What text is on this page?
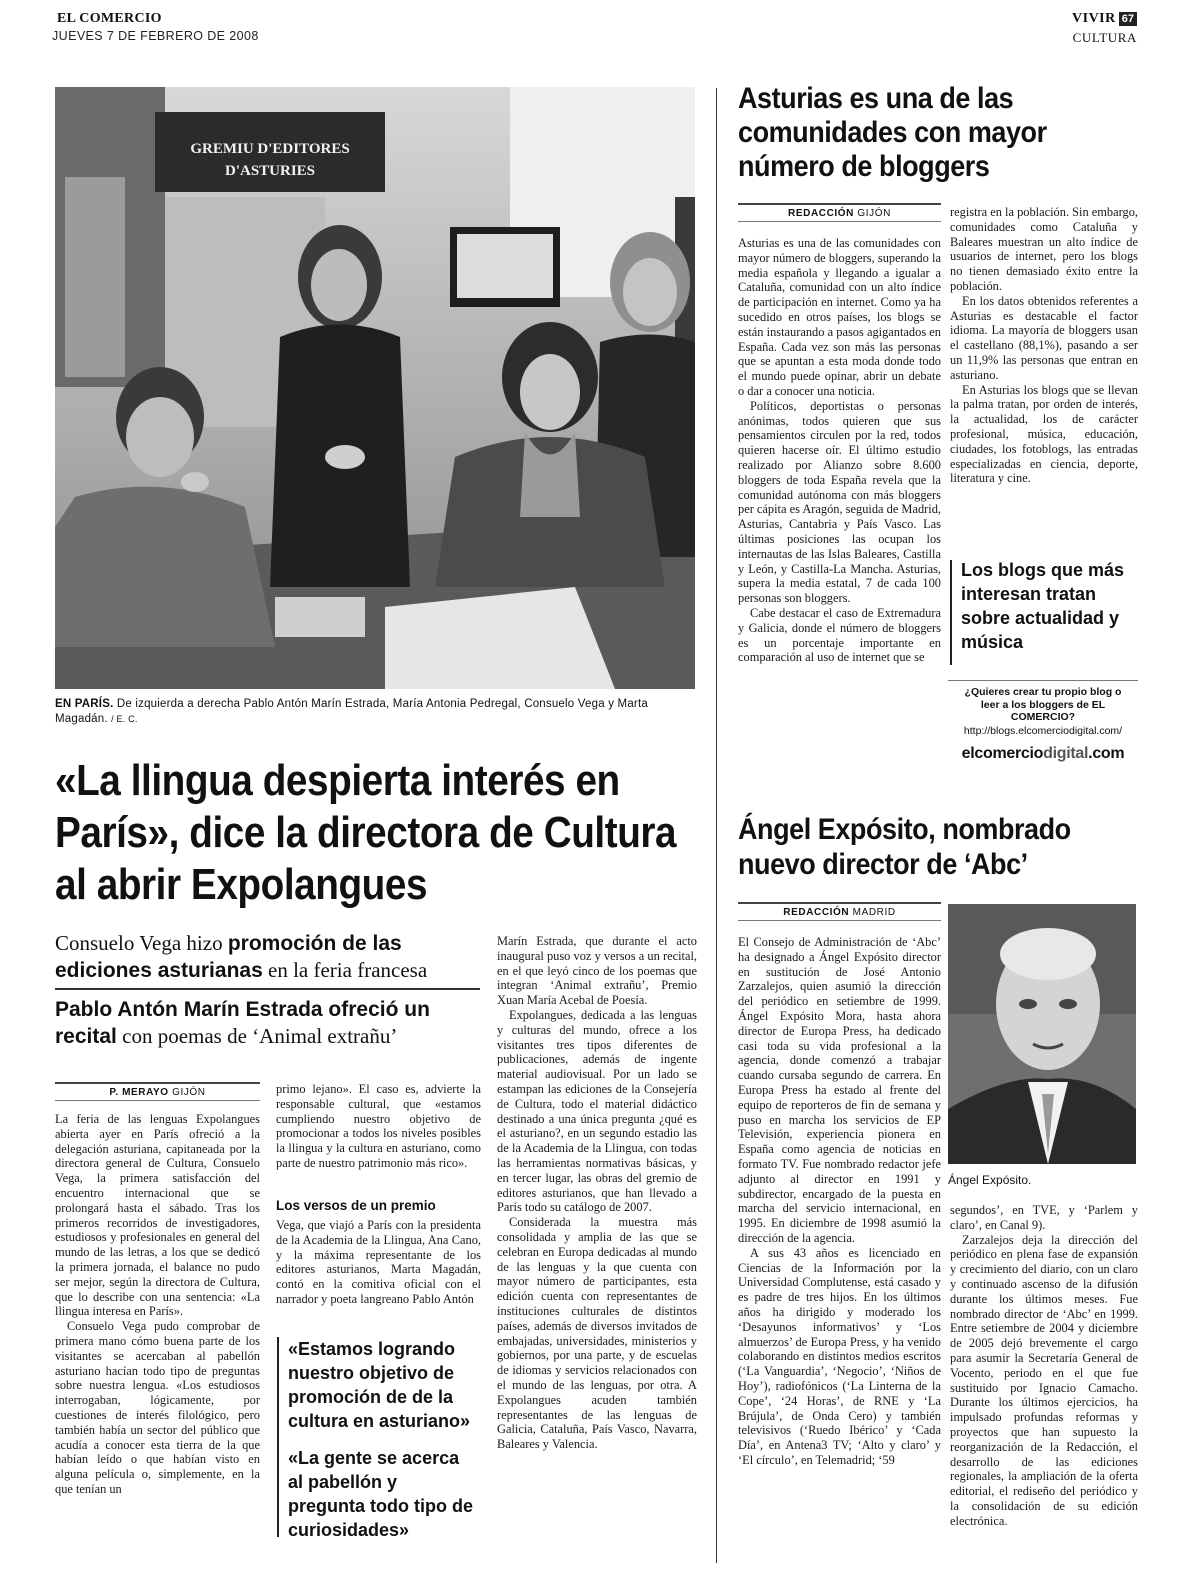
EL COMERCIO
JUEVES 7 DE FEBRERO DE 2008
VIVIR 67
CULTURA
GREMIU D'EDITORES
D'ASTURIES
EN PARÍS. De izquierda a derecha Pablo Antón Marín Estrada, María Antonia Pedregal, Consuelo Vega y Marta Magadán. / E. C.
«La llingua despierta interés en París», dice la directora de Cultura al abrir Expolangues
Consuelo Vega hizo promoción de las ediciones asturianas en la feria francesa
Pablo Antón Marín Estrada ofreció un recital con poemas de ‘Animal extrañu’
P. MERAYO GIJÓN

La feria de las lenguas Expolangues abierta ayer en París ofreció a la delegación asturiana, capitaneada por la directora general de Cultura, Consuelo Vega, la primera satisfacción del encuentro internacional que se prolongará hasta el sábado. Tras los primeros recorridos de investigadores, estudiosos y profesionales en general del mundo de las letras, a los que se dedicó la primera jornada, el balance no pudo ser mejor, según la directora de Cultura, que lo describe con una sentencia: «La llingua interesa en París».

Consuelo Vega pudo comprobar de primera mano cómo buena parte de los visitantes se acercaban al pabellón asturiano hacían todo tipo de preguntas sobre nuestra lengua. «Los estudiosos interrogaban, lógicamente, por cuestiones de interés filológico, pero también había un sector del público que acudía a conocer esta tierra de la que habían leído o que habían visto en alguna película o, simplemente, en la que tenían un

primo lejano». El caso es, advierte la responsable cultural, que «estamos cumpliendo nuestro objetivo de promocionar a todos los niveles posibles la llingua y la cultura en asturiano, como parte de nuestro patrimonio más rico».

Los versos de un premio

Vega, que viajó a París con la presidenta de la Academia de la Llingua, Ana Cano, y la máxima representante de los editores asturianos, Marta Magadán, contó en la comitiva oficial con el narrador y poeta langreano Pablo Antón

«Estamos logrando nuestro objetivo de promoción de de la cultura en asturiano»
«La gente se acerca al pabellón y pregunta todo tipo de curiosidades»

Marín Estrada, que durante el acto inaugural puso voz y versos a un recital, en el que leyó cinco de los poemas que integran ‘Animal extrañu’, Premio Xuan María Acebal de Poesía.

Expolangues, dedicada a las lenguas y culturas del mundo, ofrece a los visitantes tres tipos diferentes de publicaciones, además de ingente material audiovisual. Por un lado se estampan las ediciones de la Consejería de Cultura, todo el material didáctico destinado a una única pregunta ¿qué es el asturiano?, en un segundo estadio las de la Academia de la Llingua, con todas las herramientas normativas básicas, y en tercer lugar, las obras del gremio de editores asturianos, que han llevado a París todo su catálogo de 2007.

Considerada la muestra más consolidada y amplia de las que se celebran en Europa dedicadas al mundo de las lenguas y la que cuenta con mayor número de participantes, esta edición cuenta con representantes de instituciones culturales de distintos países, además de diversos invitados de embajadas, universidades, ministerios y gobiernos, por una parte, y de escuelas de idiomas y servicios relacionados con el mundo de las lenguas, por otra. A Expolangues acuden también representantes de las lenguas de Galicia, Cataluña, País Vasco, Navarra, Baleares y Valencia.

Asturias es una de las comunidades con mayor número de bloggers
REDACCIÓN GIJÓN

Asturias es una de las comunidades con mayor número de bloggers, superando la media española y llegando a igualar a Cataluña, comunidad con un alto índice de participación en internet. Como ya ha sucedido en otros países, los blogs se están instaurando a pasos agigantados en España. Cada vez son más las personas que se apuntan a esta moda donde todo el mundo puede opinar, abrir un debate o dar a conocer una noticia.

Políticos, deportistas o personas anónimas, todos quieren que sus pensamientos circulen por la red, todos quieren hacerse oír. El último estudio realizado por Alianzo sobre 8.600 bloggers de toda España revela que la comunidad autónoma con más bloggers per cápita es Aragón, seguida de Madrid, Asturias, Cantabria y País Vasco. Las últimas posiciones las ocupan los internautas de las Islas Baleares, Castilla y León, y Castilla-La Mancha. Asturias, supera la media estatal, 7 de cada 100 personas son bloggers.

Cabe destacar el caso de Extremadura y Galicia, donde el número de bloggers es un porcentaje importante en comparación al uso de internet que se

registra en la población. Sin embargo, comunidades como Cataluña y Baleares muestran un alto índice de usuarios de internet, pero los blogs no tienen demasiado éxito entre la población.

En los datos obtenidos referentes a Asturias es destacable el factor idioma. La mayoría de bloggers usan el castellano (88,1%), pasando a ser un 11,9% las personas que entran en asturiano.

En Asturias los blogs que se llevan la palma tratan, por orden de interés, la actualidad, los de carácter profesional, música, educación, ciudades, los fotoblogs, las entradas especializadas en ciencia, deporte, literatura y cine.

Los blogs que más interesan tratan sobre actualidad y música
¿Quieres crear tu propio blog o leer a los bloggers de EL COMERCIO?
http://blogs.elcomerciodigital.com/
elcomerciodigital.com
Ángel Expósito, nombrado nuevo director de ‘Abc’
REDACCIÓN MADRID

El Consejo de Administración de ‘Abc’ ha designado a Ángel Expósito director en sustitución de José Antonio Zarzalejos, quien asumió la dirección del periódico en setiembre de 1999. Ángel Expósito Mora, hasta ahora director de Europa Press, ha dedicado casi toda su vida profesional a la agencia, donde comenzó a trabajar cuando cursaba segundo de carrera. En Europa Press ha estado al frente del equipo de reporteros de fin de semana y puso en marcha los servicios de EP Televisión, experiencia pionera en España como agencia de noticias en formato TV. Fue nombrado redactor jefe adjunto al director en 1991 y subdirector, encargado de la puesta en marcha del servicio internacional, en 1995. En diciembre de 1998 asumió la dirección de la agencia.

A sus 43 años es licenciado en Ciencias de la Información por la Universidad Complutense, está casado y es padre de tres hijos. En los últimos años ha dirigido y moderado los ‘Desayunos informativos’ y ‘Los almuerzos’ de Europa Press, y ha venido colaborando en distintos medios escritos (‘La Vanguardia’, ‘Negocio’, ‘Niños de Hoy’), radiofónicos (‘La Linterna de la Cope’, ‘24 Horas’, de RNE y ‘La Brújula’, de Onda Cero) y también televisivos (‘Ruedo Ibérico’ y ‘Cada Día’, en Antena3 TV; ‘Alto y claro’ y ‘El círculo’, en Telemadrid; ‘59

Ángel Expósito.

segundos’, en TVE, y ‘Parlem y claro’, en Canal 9).

Zarzalejos deja la dirección del periódico en plena fase de expansión y crecimiento del diario, con un claro y continuado ascenso de la difusión durante los últimos meses. Fue nombrado director de ‘Abc’ en 1999. Entre setiembre de 2004 y diciembre de 2005 dejó brevemente el cargo para asumir la Secretaría General de Vocento, periodo en el que fue sustituido por Ignacio Camacho. Durante los últimos ejercicios, ha impulsado profundas reformas y proyectos que han supuesto la reorganización de la Redacción, el desarrollo de las ediciones regionales, la ampliación de la oferta editorial, el rediseño del periódico y la consolidación de su edición electrónica.
